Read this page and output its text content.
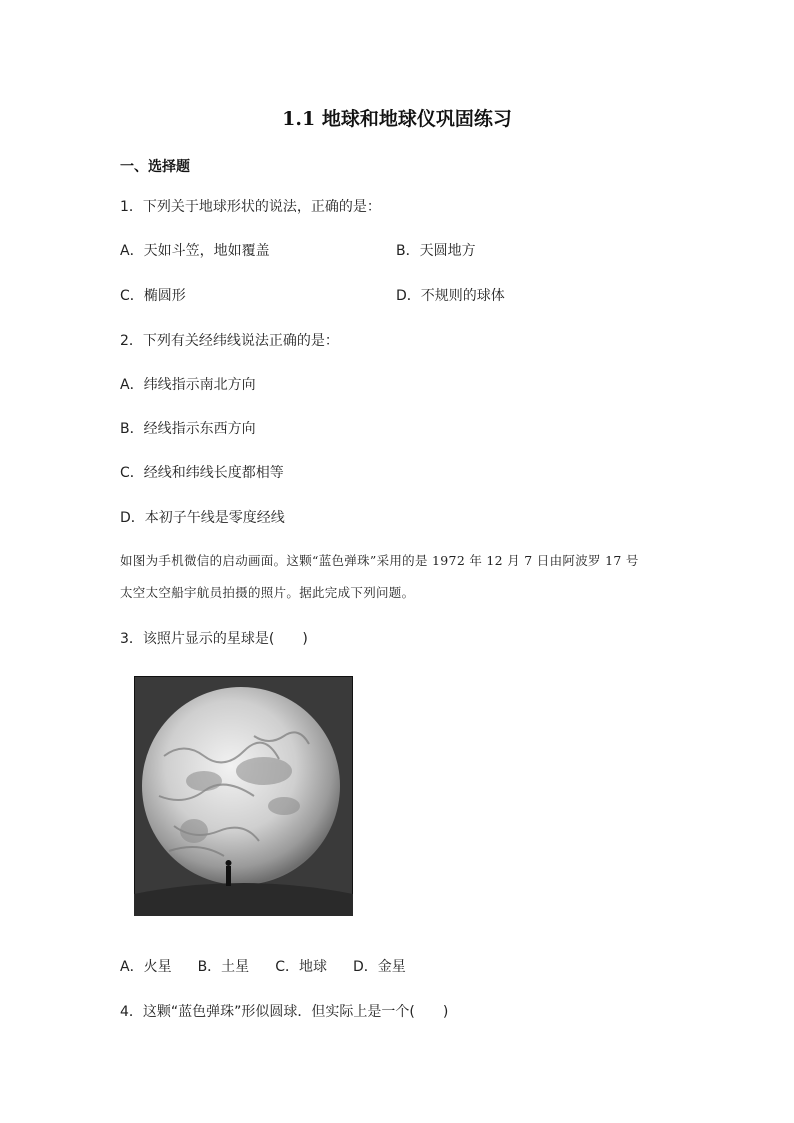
1.1 地球和地球仪巩固练习
一、选择题
1．下列关于地球形状的说法，正确的是：
A．天如斗笠，地如覆盖	B．天圆地方
C．椭圆形	D．不规则的球体
2．下列有关经纬线说法正确的是：
A．纬线指示南北方向
B．经线指示东西方向
C．经线和纬线长度都相等
D．本初子午线是零度经线
如图为手机微信的启动画面。这颗“蓝色弹珠”采用的是 1972 年 12 月 7 日由阿波罗 17 号
太空太空船宇航员拍摄的照片。据此完成下列问题。
3．该照片显示的星球是(　　)
A．火星 B．土星 C．地球 D．金星
4．这颗“蓝色弹珠”形似圆球．但实际上是一个(　　)
